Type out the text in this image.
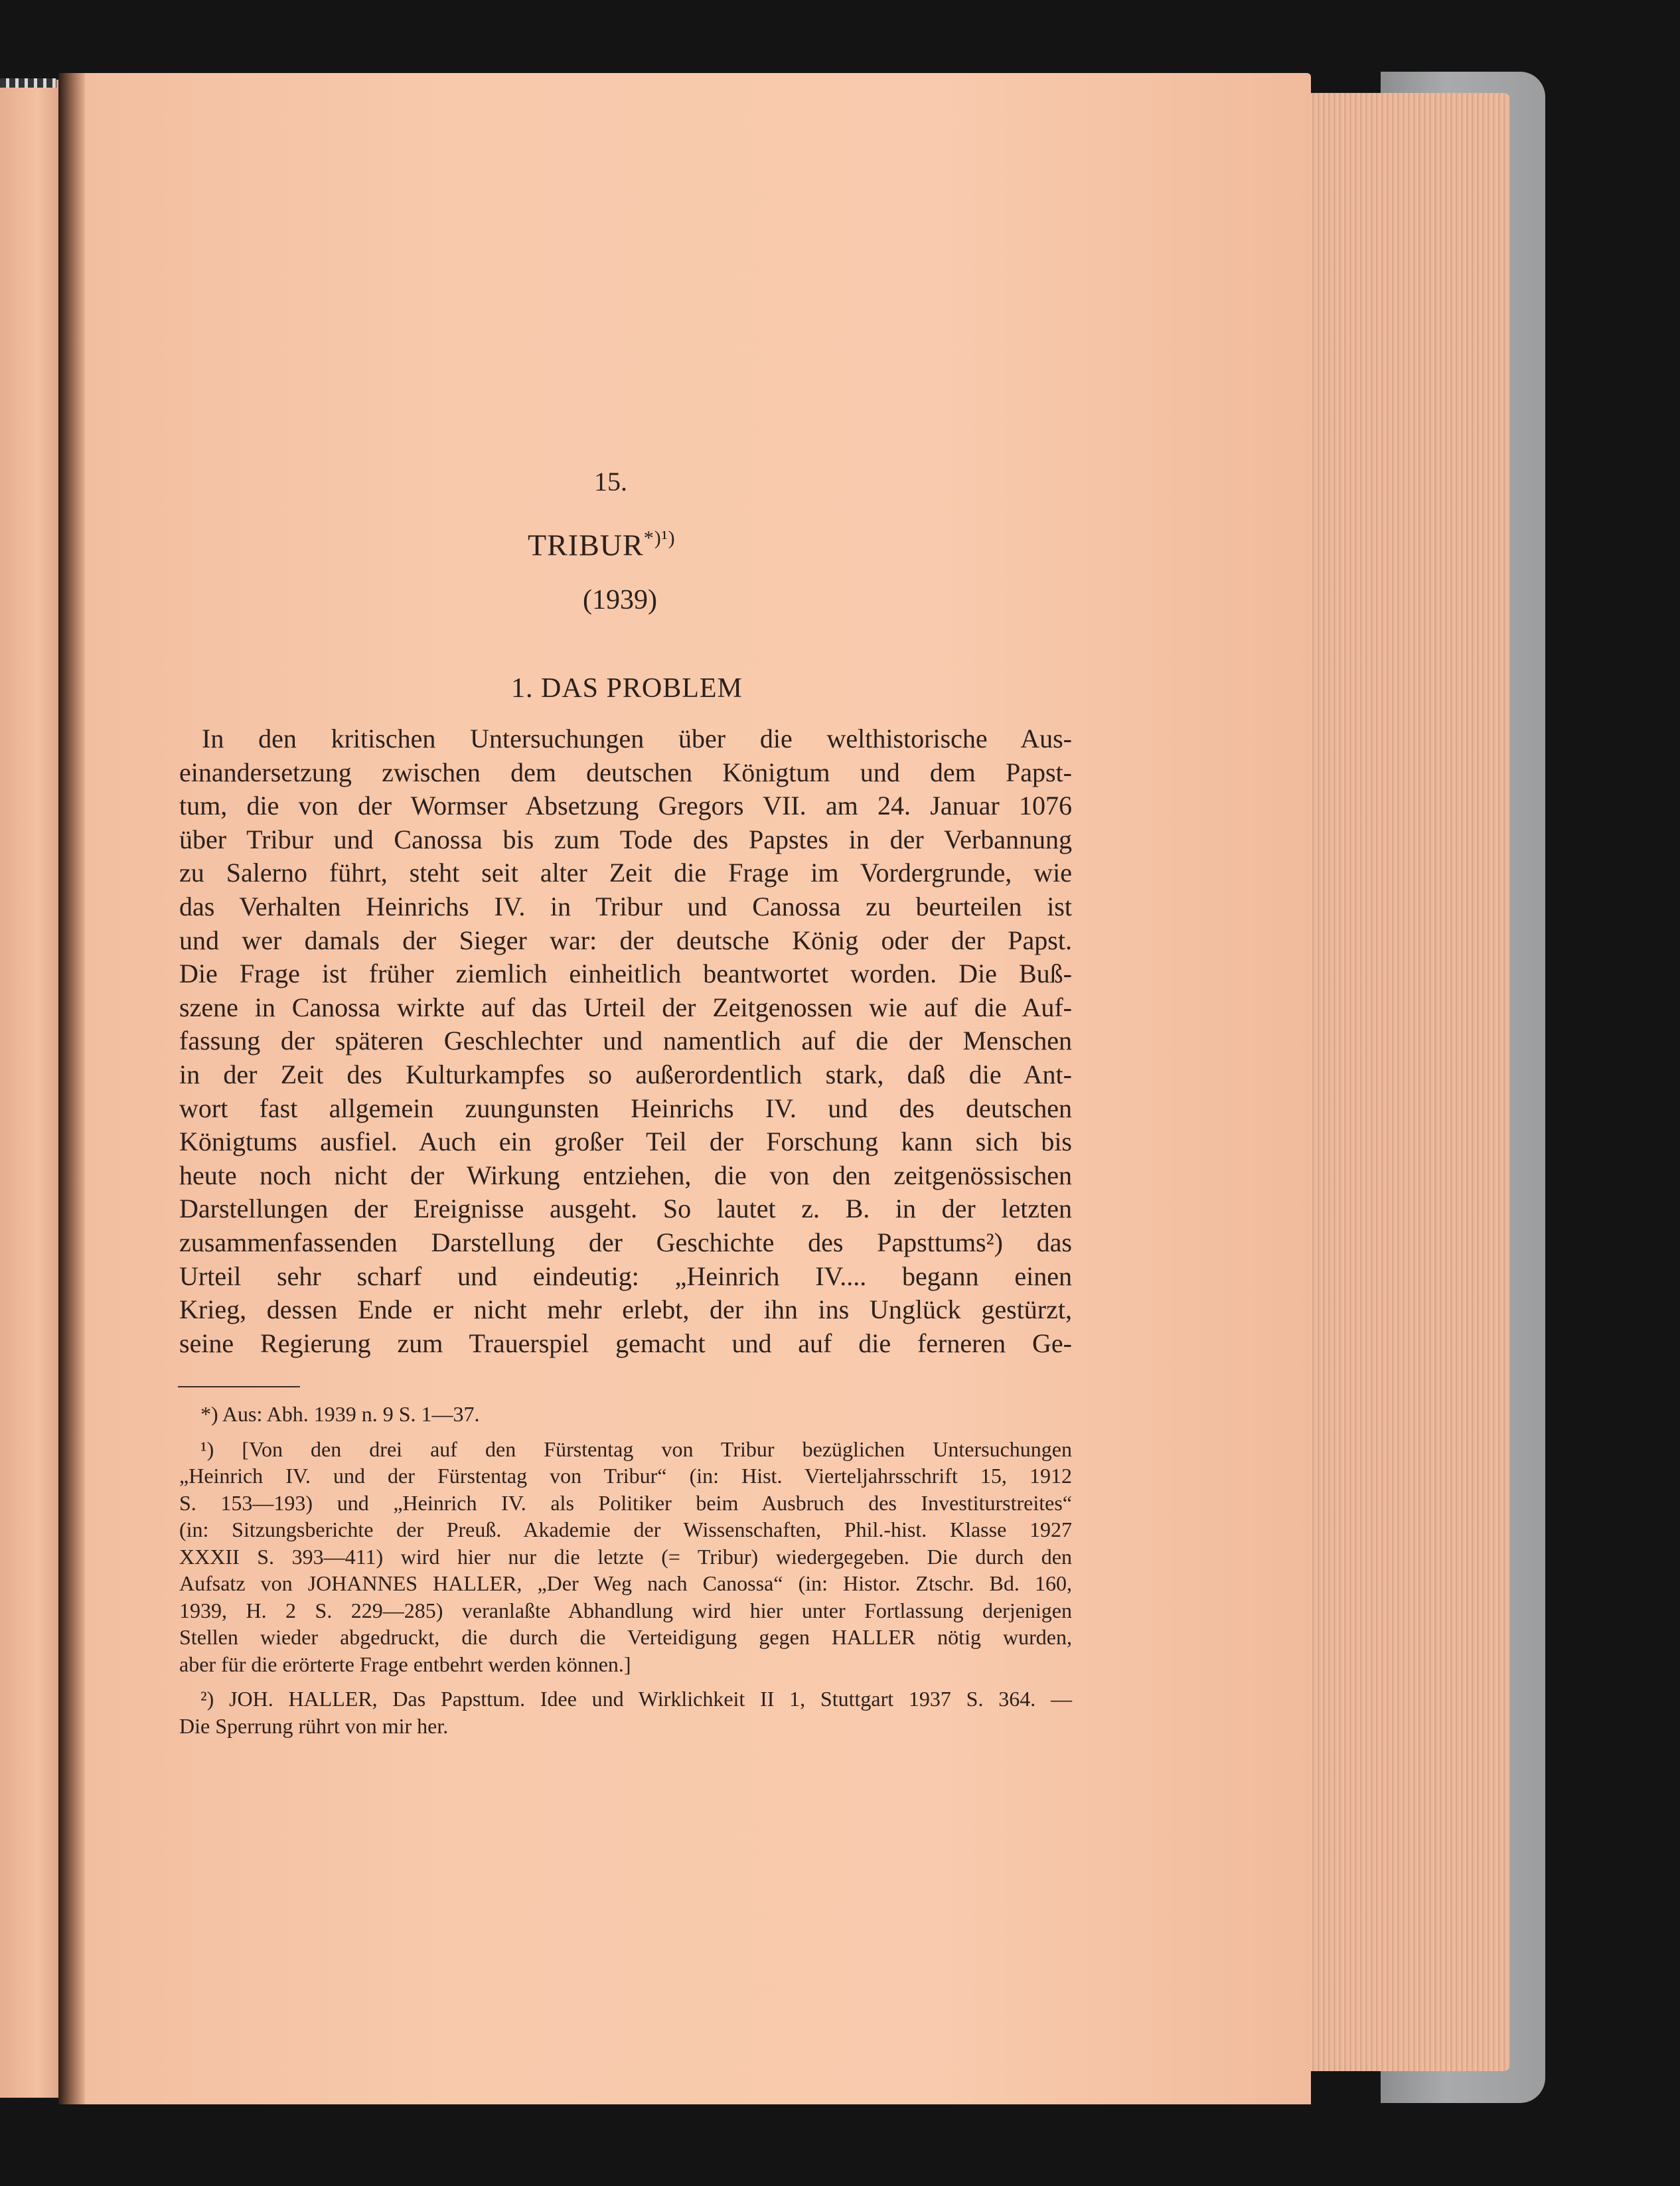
15.
$TRIBUR^{*)^1)}$
(1939)
1. DAS PROBLEM
In den kritischen Untersuchungen über die welthistorische Aus-
einandersetzung zwischen dem deutschen Königtum und dem Papst-
tum, die von der Wormser Absetzung Gregors VII. am 24. Januar 1076
über Tribur und Canossa bis zum Tode des Papstes in der Verbannung
zu Salerno führt, steht seit alter Zeit die Frage im Vordergrunde, wie
das Verhalten Heinrichs IV. in Tribur und Canossa zu beurteilen ist
und wer damals der Sieger war: der deutsche König oder der Papst.
Die Frage ist früher ziemlich einheitlich beantwortet worden. Die Buß-
szene in Canossa wirkte auf das Urteil der Zeitgenossen wie auf die Auf-
fassung der späteren Geschlechter und namentlich auf die der Menschen
in der Zeit des Kulturkampfes so außerordentlich stark, daß die Ant-
wort fast allgemein zuungunsten Heinrichs IV. und des deutschen
Königtums ausfiel. Auch ein großer Teil der Forschung kann sich bis
heute noch nicht der Wirkung entziehen, die von den zeitgenössischen
Darstellungen der Ereignisse ausgeht. So lautet z. B. in der letzten
zusammenfassenden Darstellung der Geschichte des Papsttums²) das
Urteil sehr scharf und eindeutig: „Heinrich IV.... begann einen
Krieg, dessen Ende er nicht mehr erlebt, der ihn ins Unglück gestürzt,
seine Regierung zum Trauerspiel gemacht und auf die ferneren Ge-
*) Aus: Abh. 1939 n. 9 S. 1—37.
¹) [Von den drei auf den Fürstentag von Tribur bezüglichen Untersuchungen
„Heinrich IV. und der Fürstentag von Tribur“ (in: Hist. Vierteljahrsschrift 15, 1912
S. 153—193) und „Heinrich IV. als Politiker beim Ausbruch des Investiturstreites“
(in: Sitzungsberichte der Preuß. Akademie der Wissenschaften, Phil.-hist. Klasse 1927
XXXII S. 393—411) wird hier nur die letzte (= Tribur) wiedergegeben. Die durch den
Aufsatz von JOHANNES HALLER, „Der Weg nach Canossa“ (in: Histor. Ztschr. Bd. 160,
1939, H. 2 S. 229—285) veranlaßte Abhandlung wird hier unter Fortlassung derjenigen
Stellen wieder abgedruckt, die durch die Verteidigung gegen HALLER nötig wurden,
aber für die erörterte Frage entbehrt werden können.]
²) JOH. HALLER, Das Papsttum. Idee und Wirklichkeit II 1, Stuttgart 1937 S. 364. —
Die Sperrung rührt von mir her.
